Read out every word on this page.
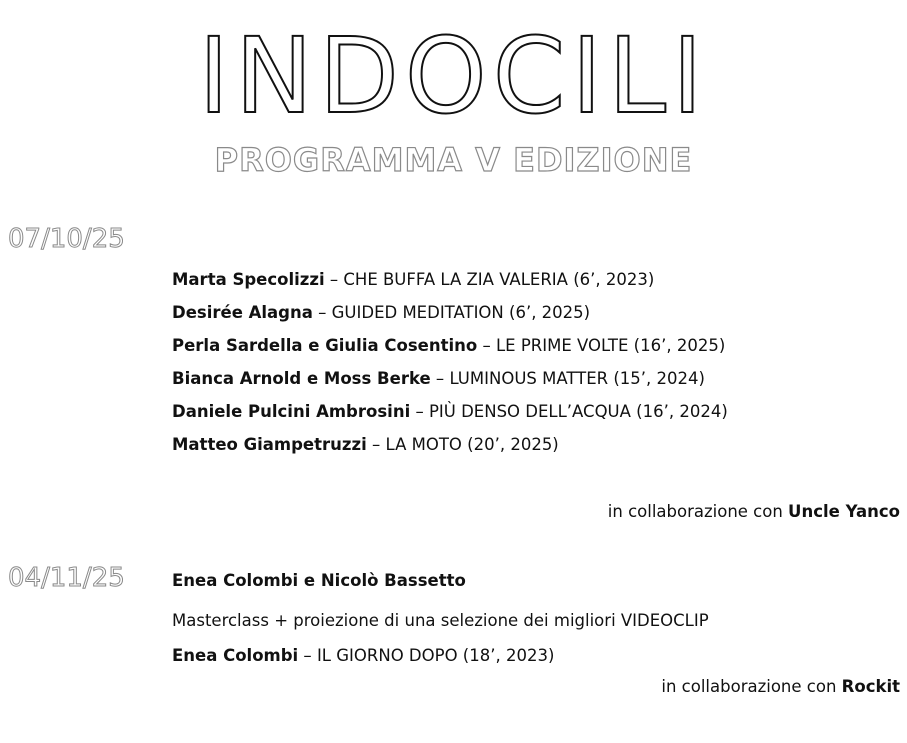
INDOCILI
PROGRAMMA V EDIZIONE
07/10/25
Marta Specolizzi – CHE BUFFA LA ZIA VALERIA (6’, 2023)
Desirée Alagna – GUIDED MEDITATION (6’, 2025)
Perla Sardella e Giulia Cosentino – LE PRIME VOLTE (16’, 2025)
Bianca Arnold e Moss Berke – LUMINOUS MATTER (15’, 2024)
Daniele Pulcini Ambrosini – PIÙ DENSO DELL’ACQUA (16’, 2024)
Matteo Giampetruzzi – LA MOTO (20’, 2025)
in collaborazione con Uncle Yanco
04/11/25	Enea Colombi e Nicolò Bassetto
Masterclass + proiezione di una selezione dei migliori VIDEOCLIP
Enea Colombi – IL GIORNO DOPO (18’, 2023)
in collaborazione con Rockit
